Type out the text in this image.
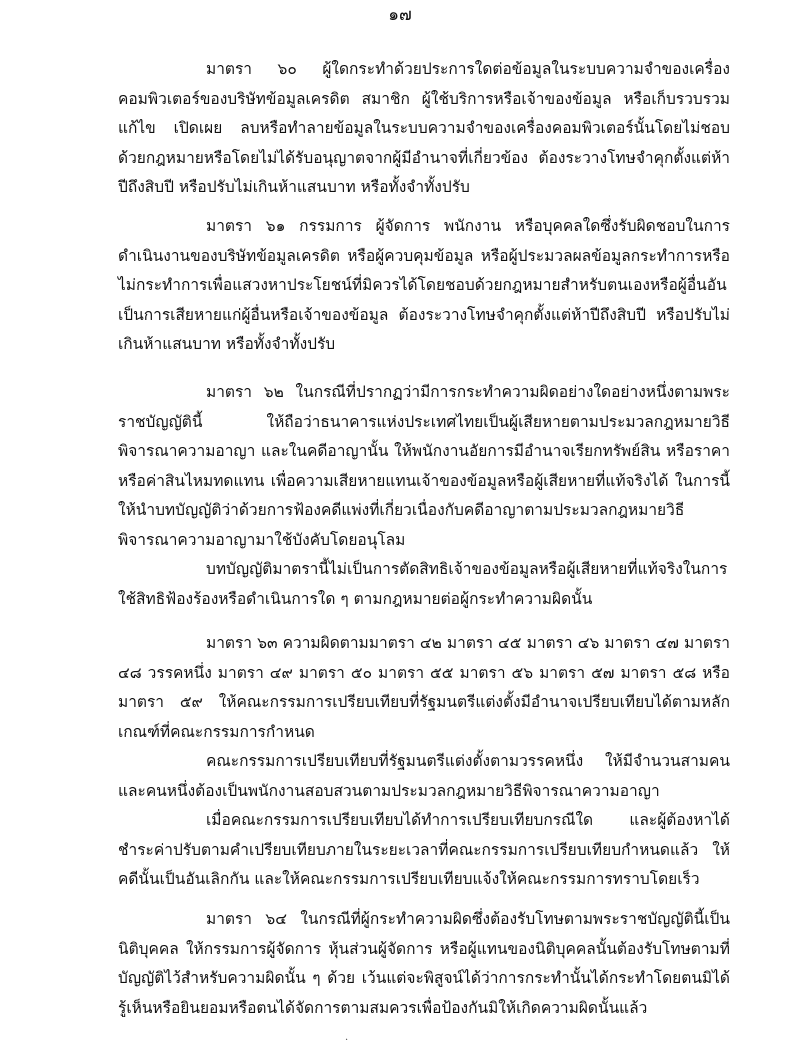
๑๗

มาตรา ๖๐ ผู้ใดกระทำด้วยประการใดต่อข้อมูลในระบบความจำของเครื่องคอมพิวเตอร์ของบริษัทข้อมูลเครดิต สมาชิก ผู้ใช้บริการหรือเจ้าของข้อมูล หรือเก็บรวบรวม แก้ไข เปิดเผย ลบหรือทำลายข้อมูลในระบบความจำของเครื่องคอมพิวเตอร์นั้นโดยไม่ชอบด้วยกฎหมายหรือโดยไม่ได้รับอนุญาตจากผู้มีอำนาจที่เกี่ยวข้อง ต้องระวางโทษจำคุกตั้งแต่ห้าปีถึงสิบปี หรือปรับไม่เกินห้าแสนบาท หรือทั้งจำทั้งปรับ

มาตรา ๖๑ กรรมการ ผู้จัดการ พนักงาน หรือบุคคลใดซึ่งรับผิดชอบในการดำเนินงานของบริษัทข้อมูลเครดิต หรือผู้ควบคุมข้อมูล หรือผู้ประมวลผลข้อมูลกระทำการหรือไม่กระทำการเพื่อแสวงหาประโยชน์ที่มิควรได้โดยชอบด้วยกฎหมายสำหรับตนเองหรือผู้อื่นอันเป็นการเสียหายแก่ผู้อื่นหรือเจ้าของข้อมูล ต้องระวางโทษจำคุกตั้งแต่ห้าปีถึงสิบปี หรือปรับไม่เกินห้าแสนบาท หรือทั้งจำทั้งปรับ

มาตรา ๖๒ ในกรณีที่ปรากฏว่ามีการกระทำความผิดอย่างใดอย่างหนึ่งตามพระราชบัญญัตินี้ ให้ถือว่าธนาคารแห่งประเทศไทยเป็นผู้เสียหายตามประมวลกฎหมายวิธีพิจารณาความอาญา และในคดีอาญานั้น ให้พนักงานอัยการมีอำนาจเรียกทรัพย์สิน หรือราคาหรือค่าสินไหมทดแทน เพื่อความเสียหายแทนเจ้าของข้อมูลหรือผู้เสียหายที่แท้จริงได้ ในการนี้ให้นำบทบัญญัติว่าด้วยการฟ้องคดีแพ่งที่เกี่ยวเนื่องกับคดีอาญาตามประมวลกฎหมายวิธีพิจารณาความอาญามาใช้บังคับโดยอนุโลม

บทบัญญัติมาตรานี้ไม่เป็นการตัดสิทธิเจ้าของข้อมูลหรือผู้เสียหายที่แท้จริงในการใช้สิทธิฟ้องร้องหรือดำเนินการใด ๆ ตามกฎหมายต่อผู้กระทำความผิดนั้น

มาตรา ๖๓ ความผิดตามมาตรา ๔๒ มาตรา ๔๕ มาตรา ๔๖ มาตรา ๔๗ มาตรา ๔๘ วรรคหนึ่ง มาตรา ๔๙ มาตรา ๕๐ มาตรา ๕๕ มาตรา ๕๖ มาตรา ๕๗ มาตรา ๕๘ หรือมาตรา ๕๙ ให้คณะกรรมการเปรียบเทียบที่รัฐมนตรีแต่งตั้งมีอำนาจเปรียบเทียบได้ตามหลักเกณฑ์ที่คณะกรรมการกำหนด

คณะกรรมการเปรียบเทียบที่รัฐมนตรีแต่งตั้งตามวรรคหนึ่ง ให้มีจำนวนสามคนและคนหนึ่งต้องเป็นพนักงานสอบสวนตามประมวลกฎหมายวิธีพิจารณาความอาญา

เมื่อคณะกรรมการเปรียบเทียบได้ทำการเปรียบเทียบกรณีใด และผู้ต้องหาได้ชำระค่าปรับตามคำเปรียบเทียบภายในระยะเวลาที่คณะกรรมการเปรียบเทียบกำหนดแล้ว ให้คดีนั้นเป็นอันเลิกกัน และให้คณะกรรมการเปรียบเทียบแจ้งให้คณะกรรมการทราบโดยเร็ว

มาตรา ๖๔ ในกรณีที่ผู้กระทำความผิดซึ่งต้องรับโทษตามพระราชบัญญัตินี้เป็นนิติบุคคล ให้กรรมการผู้จัดการ หุ้นส่วนผู้จัดการ หรือผู้แทนของนิติบุคคลนั้นต้องรับโทษตามที่บัญญัติไว้สำหรับความผิดนั้น ๆ ด้วย เว้นแต่จะพิสูจน์ได้ว่าการกระทำนั้นได้กระทำโดยตนมิได้รู้เห็นหรือยินยอมหรือตนได้จัดการตามสมควรเพื่อป้องกันมิให้เกิดความผิดนั้นแล้ว

·
